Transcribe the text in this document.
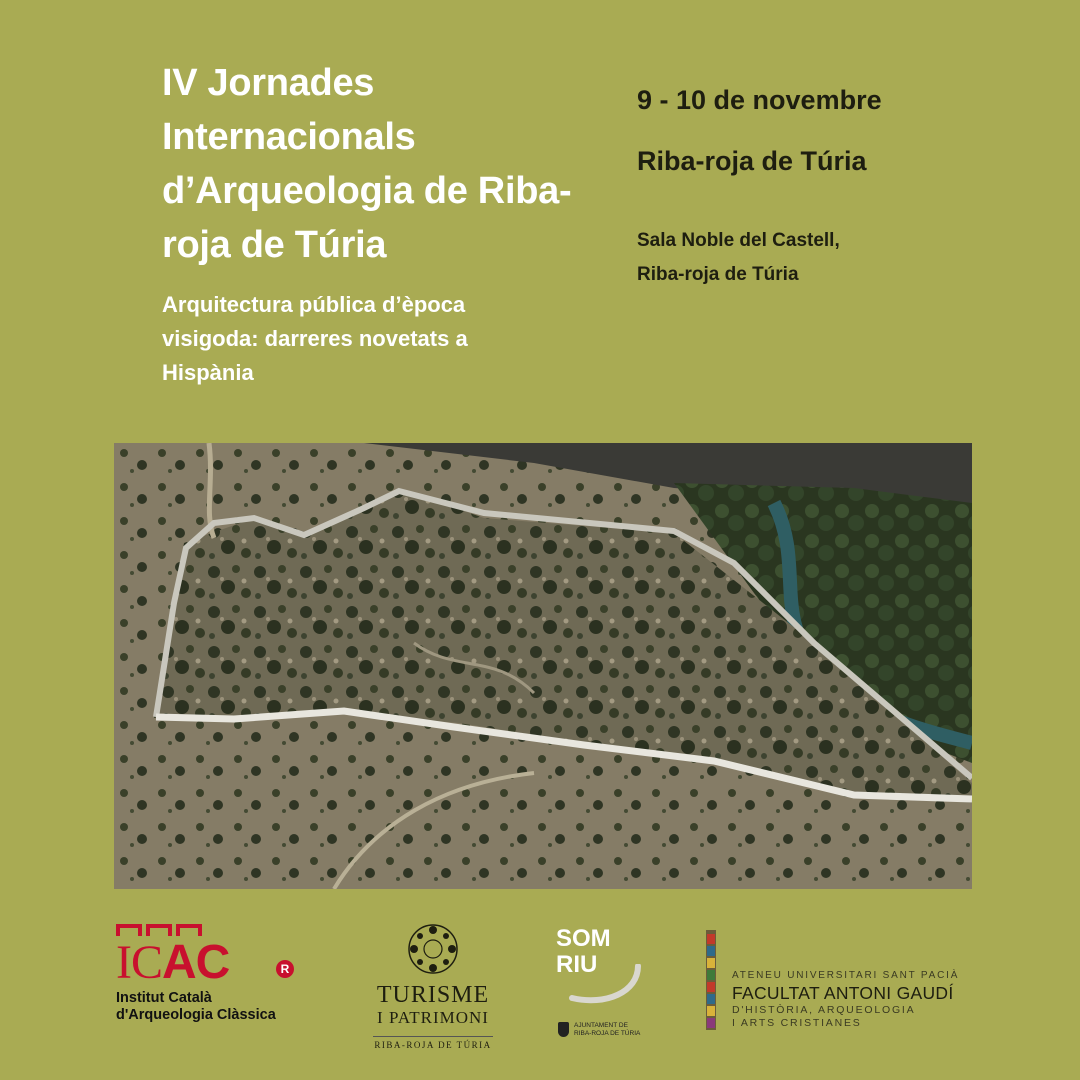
IV Jornades Internacionals d’Arqueologia de Riba-roja de Túria

Arquitectura pública d’època visigoda: darreres novetats a Hispània

9 - 10 de novembre

Riba-roja de Túria

Sala Noble del Castell,
Riba-roja de Túria

ICAC	R
Institut Català
d'Arqueologia Clàssica
TURISME
I PATRIMONI
RIBA-ROJA DE TÚRIA
SOM
RIU
AJUNTAMENT DE
RIBA-ROJA DE TÚRIA
ATENEU UNIVERSITARI SANT PACIÀ
FACULTAT ANTONI GAUDÍ
D'HISTÒRIA, ARQUEOLOGIA
I ARTS CRISTIANES
